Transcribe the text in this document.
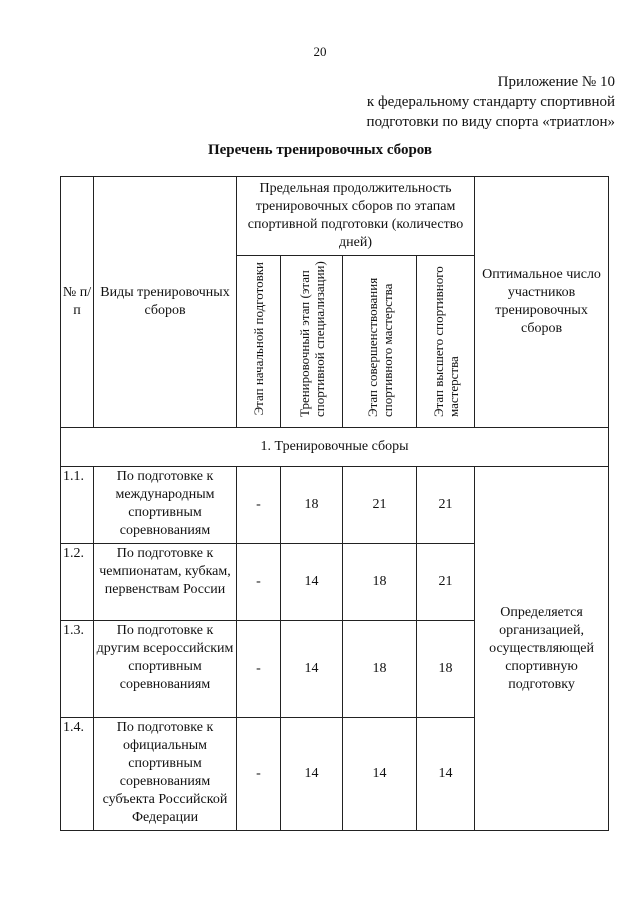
20
Приложение № 10
к федеральному стандарту спортивной
подготовки по виду спорта «триатлон»
Перечень тренировочных сборов
№ п/п	Виды тренировочных сборов	Предельная продолжительность тренировочных сборов по этапам спортивной подготовки (количество дней)				Оптимальное число участников тренировочных сборов
		Этап начальной подготовки	Тренировочный этап (этап спортивной специализации)	Этап совершенствования спортивного мастерства	Этап высшего спортивного мастерства	
1. Тренировочные сборы						
1.1.	По подготовке к международным спортивным соревнованиям	-	18	21	21	Определяется организацией, осуществляющей спортивную подготовку
1.2.	По подготовке к чемпионатам, кубкам, первенствам России	-	14	18	21	
1.3.	По подготовке к другим всероссийским спортивным соревнованиям	-	14	18	18	
1.4.	По подготовке к официальным спортивным соревнованиям субъекта Российской Федерации	-	14	14	14	
